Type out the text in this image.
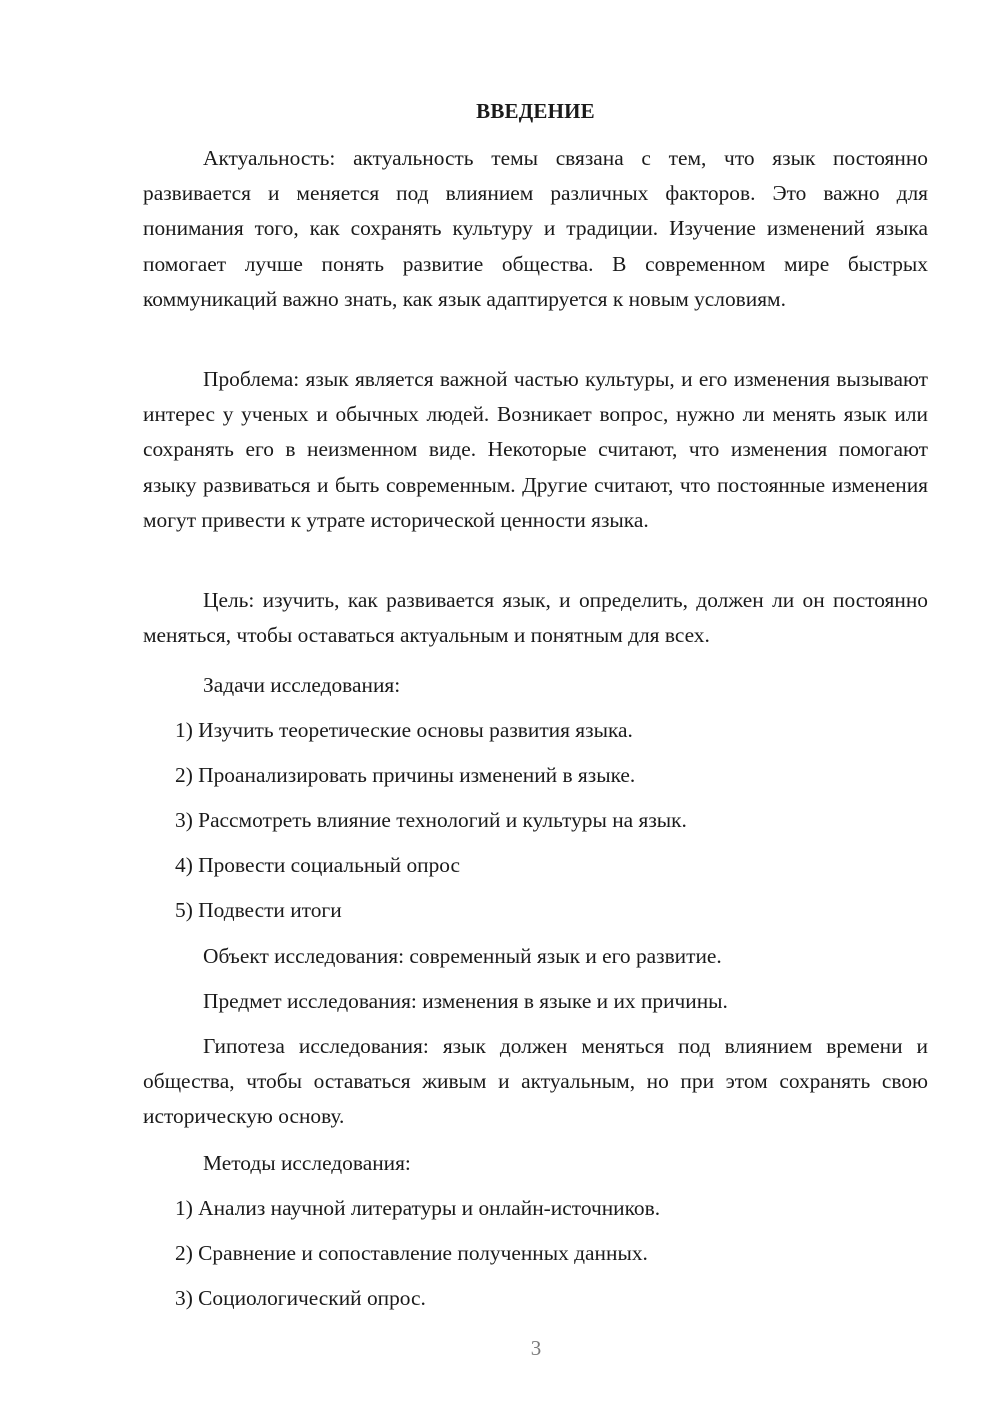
ВВЕДЕНИЕ

Актуальность: актуальность темы связана с тем, что язык постоянно развивается и меняется под влиянием различных факторов. Это важно для понимания того, как сохранять культуру и традиции. Изучение изменений языка помогает лучше понять развитие общества. В современном мире быстрых коммуникаций важно знать, как язык адаптируется к новым условиям.

Проблема: язык является важной частью культуры, и его изменения вызывают интерес у ученых и обычных людей. Возникает вопрос, нужно ли менять язык или сохранять его в неизменном виде. Некоторые считают, что изменения помогают языку развиваться и быть современным. Другие считают, что постоянные изменения могут привести к утрате исторической ценности языка.

Цель: изучить, как развивается язык, и определить, должен ли он постоянно меняться, чтобы оставаться актуальным и понятным для всех.

Задачи исследования:

1) Изучить теоретические основы развития языка.

2) Проанализировать причины изменений в языке.

3) Рассмотреть влияние технологий и культуры на язык.

4) Провести социальный опрос

5) Подвести итоги

Объект исследования: современный язык и его развитие.

Предмет исследования: изменения в языке и их причины.

Гипотеза исследования: язык должен меняться под влиянием времени и общества, чтобы оставаться живым и актуальным, но при этом сохранять свою историческую основу.

Методы исследования:

1) Анализ научной литературы и онлайн-источников.

2) Сравнение и сопоставление полученных данных.

3) Социологический опрос.

3
